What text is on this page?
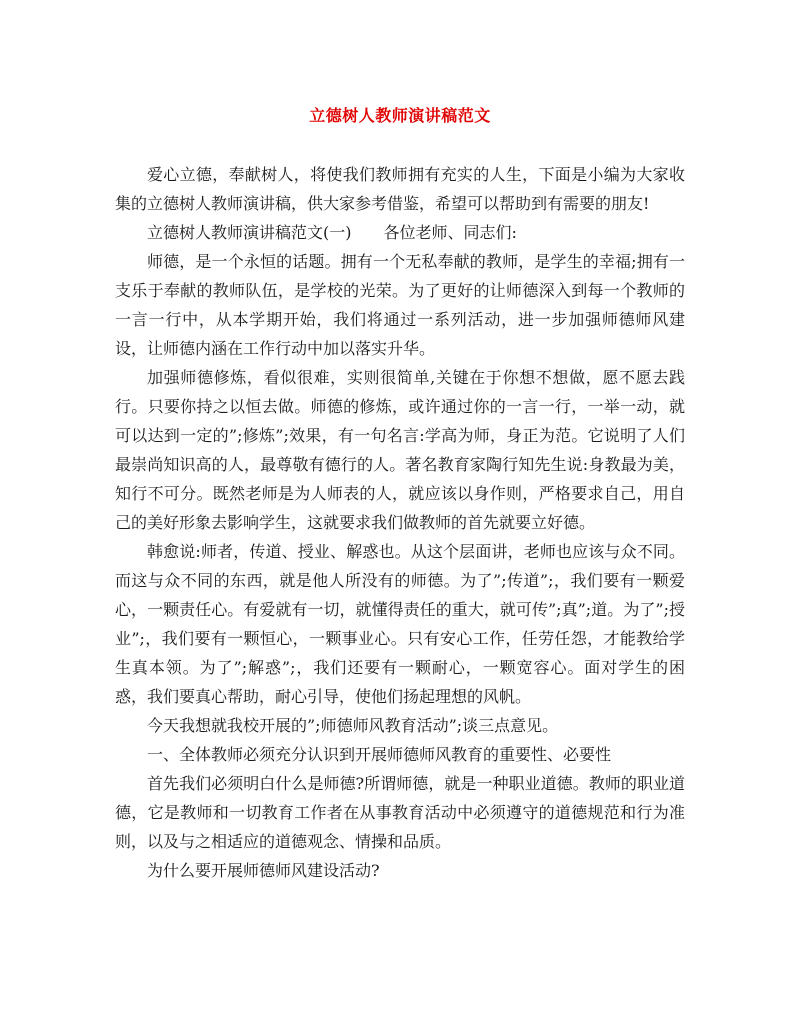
立德树人教师演讲稿范文

爱心立德，奉献树人，将使我们教师拥有充实的人生，下面是小编为大家收集的立德树人教师演讲稿，供大家参考借鉴，希望可以帮助到有需要的朋友!

立德树人教师演讲稿范文(一)　　各位老师、同志们:

师德，是一个永恒的话题。拥有一个无私奉献的教师，是学生的幸福;拥有一支乐于奉献的教师队伍，是学校的光荣。为了更好的让师德深入到每一个教师的一言一行中，从本学期开始，我们将通过一系列活动，进一步加强师德师风建设，让师德内涵在工作行动中加以落实升华。

加强师德修炼，看似很难，实则很简单,关键在于你想不想做，愿不愿去践行。只要你持之以恒去做。师德的修炼，或许通过你的一言一行，一举一动，就可以达到一定的”;修炼”;效果，有一句名言:学高为师，身正为范。它说明了人们最崇尚知识高的人，最尊敬有德行的人。著名教育家陶行知先生说:身教最为美，知行不可分。既然老师是为人师表的人，就应该以身作则，严格要求自己，用自己的美好形象去影响学生，这就要求我们做教师的首先就要立好德。

韩愈说:师者，传道、授业、解惑也。从这个层面讲，老师也应该与众不同。而这与众不同的东西，就是他人所没有的师德。为了”;传道”;，我们要有一颗爱心，一颗责任心。有爱就有一切，就懂得责任的重大，就可传”;真”;道。为了”;授业”;，我们要有一颗恒心，一颗事业心。只有安心工作，任劳任怨，才能教给学生真本领。为了”;解惑”;，我们还要有一颗耐心，一颗宽容心。面对学生的困惑，我们要真心帮助，耐心引导，使他们扬起理想的风帆。

今天我想就我校开展的”;师德师风教育活动”;谈三点意见。

一、全体教师必须充分认识到开展师德师风教育的重要性、必要性

首先我们必须明白什么是师德?所谓师德，就是一种职业道德。教师的职业道德，它是教师和一切教育工作者在从事教育活动中必须遵守的道德规范和行为准则，以及与之相适应的道德观念、情操和品质。

为什么要开展师德师风建设活动?
